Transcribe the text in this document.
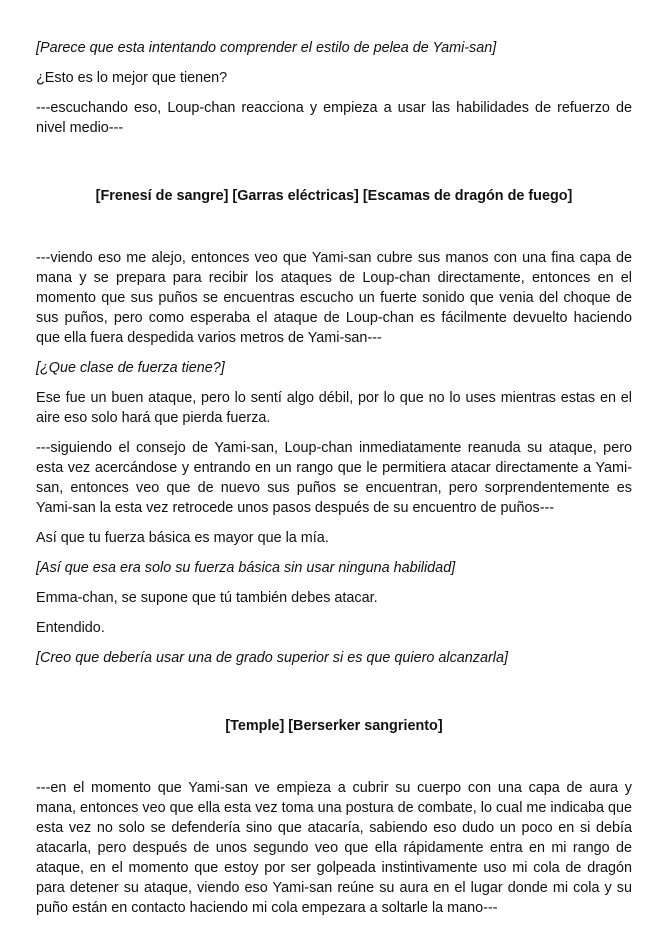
[Parece que esta intentando comprender el estilo de pelea de Yami-san]

¿Esto es lo mejor que tienen?

---escuchando eso, Loup-chan reacciona y empieza a usar las habilidades de refuerzo de nivel medio---

[Frenesí de sangre] [Garras eléctricas] [Escamas de dragón de fuego]

---viendo eso me alejo, entonces veo que Yami-san cubre sus manos con una fina capa de mana y se prepara para recibir los ataques de Loup-chan directamente, entonces en el momento que sus puños se encuentras escucho un fuerte sonido que venia del choque de sus puños, pero como esperaba el ataque de Loup-chan es fácilmente devuelto haciendo que ella fuera despedida varios metros de Yami-san---

[¿Que clase de fuerza tiene?]

Ese fue un buen ataque, pero lo sentí algo débil, por lo que no lo uses mientras estas en el aire eso solo hará que pierda fuerza.

---siguiendo el consejo de Yami-san, Loup-chan inmediatamente reanuda su ataque, pero esta vez acercándose y entrando en un rango que le permitiera atacar directamente a Yami-san, entonces veo que de nuevo sus puños se encuentran, pero sorprendentemente es Yami-san la esta vez retrocede unos pasos después de su encuentro de puños---

Así que tu fuerza básica es mayor que la mía.

[Así que esa era solo su fuerza básica sin usar ninguna habilidad]

Emma-chan, se supone que tú también debes atacar.

Entendido.

[Creo que debería usar una de grado superior si es que quiero alcanzarla]

[Temple] [Berserker sangriento]

---en el momento que Yami-san ve empieza a cubrir su cuerpo con una capa de aura y mana, entonces veo que ella esta vez toma una postura de combate, lo cual me indicaba que esta vez no solo se defendería sino que atacaría, sabiendo eso dudo un poco en si debía atacarla, pero después de unos segundo veo que ella rápidamente entra en mi rango de ataque, en el momento que estoy por ser golpeada instintivamente uso mi cola de dragón para detener su ataque, viendo eso Yami-san reúne su aura en el lugar donde mi cola y su puño están en contacto haciendo mi cola empezara a soltarle la mano---
